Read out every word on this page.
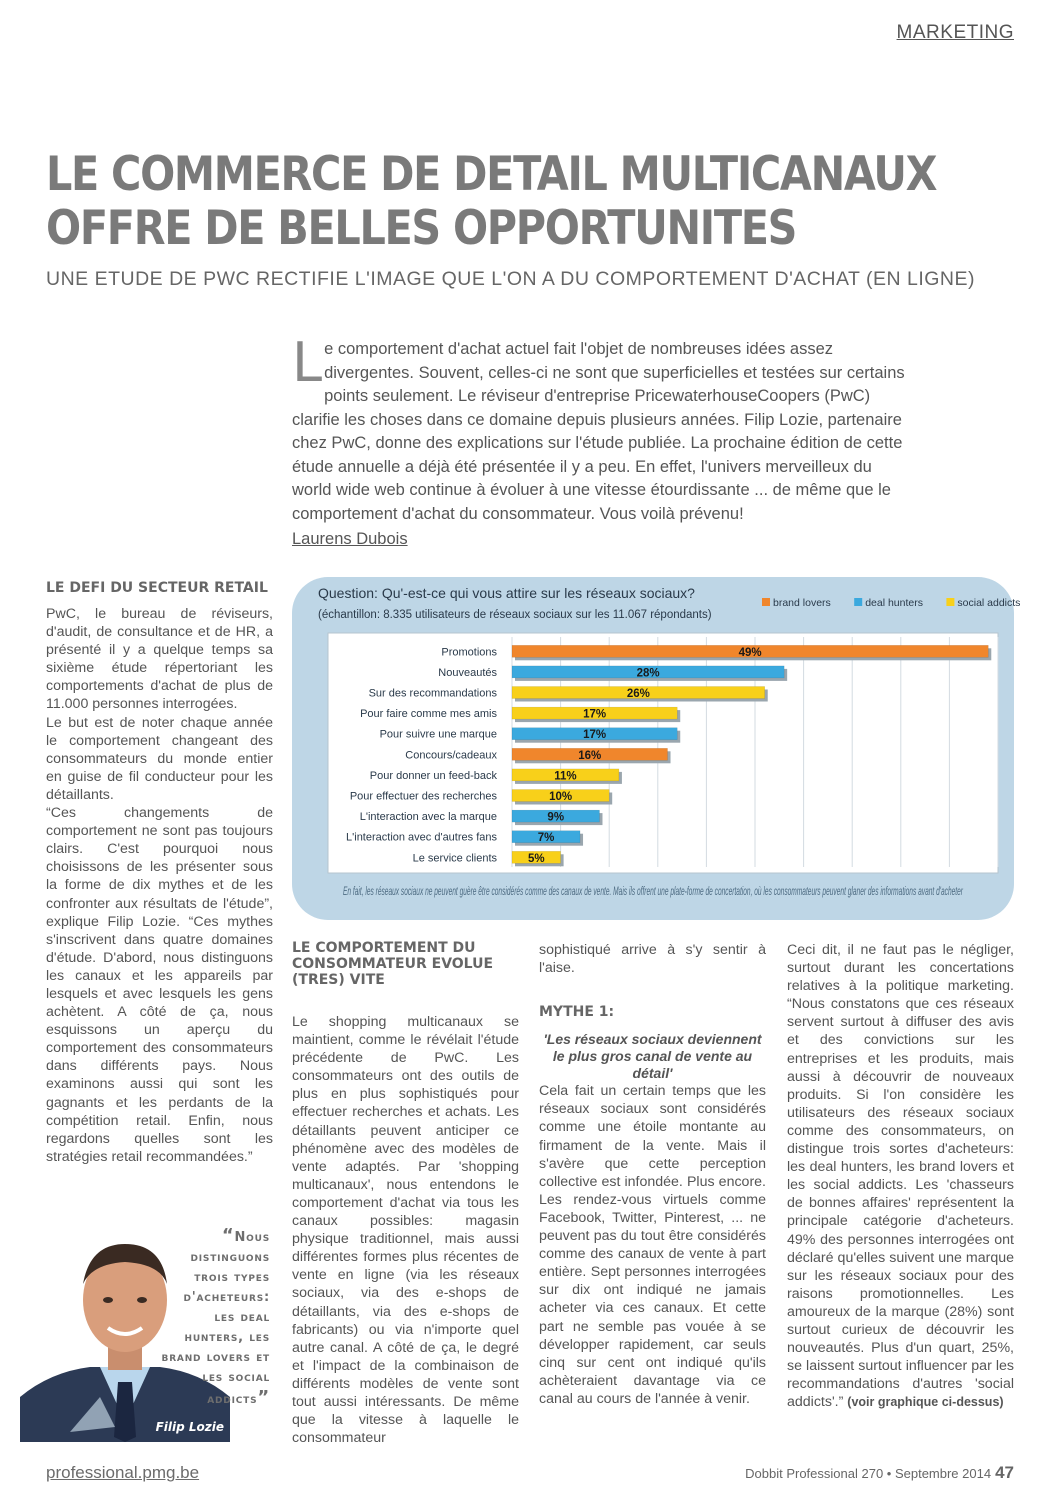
MARKETING
LE COMMERCE DE DETAIL MULTICANAUX
OFFRE DE BELLES OPPORTUNITES
UNE ETUDE DE PWC RECTIFIE L'IMAGE QUE L'ON A DU COMPORTEMENT D'ACHAT (EN LIGNE)
Le comportement d'achat actuel fait l'objet de nombreuses idées assez divergentes. Souvent, celles-ci ne sont que superficielles et testées sur certains points seulement. Le réviseur d'entreprise PricewaterhouseCoopers (PwC) clarifie les choses dans ce domaine depuis plusieurs années. Filip Lozie, partenaire chez PwC, donne des explications sur l'étude publiée. La prochaine édition de cette étude annuelle a déjà été présentée il y a peu. En effet, l'univers merveilleux du world wide web continue à évoluer à une vitesse étourdissante ... de même que le comportement d'achat du consommateur. Vous voilà prévenu!
Laurens Dubois
LE DEFI DU SECTEUR RETAIL

PwC, le bureau de réviseurs, d'audit, de consultance et de HR, a présenté il y a quelque temps sa sixième étude répertoriant les comportements d'achat de plus de 11.000 personnes interrogées.

Le but est de noter chaque année le comportement changeant des consommateurs du monde entier en guise de fil conducteur pour les détaillants.

“Ces changements de comportement ne sont pas toujours clairs. C'est pourquoi nous choisissons de les présenter sous la forme de dix mythes et de les confronter aux résultats de l'étude”, explique Filip Lozie. “Ces mythes s'inscrivent dans quatre domaines d'étude. D'abord, nous distinguons les canaux et les appareils par lesquels et avec lesquels les gens achètent. A côté de ça, nous esquissons un aperçu du comportement des consommateurs dans différents pays. Nous examinons aussi qui sont les gagnants et les perdants de la compétition retail. Enfin, nous regardons quelles sont les stratégies retail recommandées.”

Filip Lozie
“Nous distinguons trois types d'acheteurs: les deal hunters, les brand lovers et les social addicts”
Question: Qu'-est-ce qui vous attire sur les réseaux sociaux?
(échantillon: 8.335 utilisateurs de réseaux sociaux sur les 11.067 répondants)
brand lovers	deal hunters	social addicts
Promotions	49%
Nouveautés	28%
Sur des recommandations	26%
Pour faire comme mes amis	17%
Pour suivre une marque	17%
Concours/cadeaux	16%
Pour donner un feed-back	11%
Pour effectuer des recherches	10%
L'interaction avec la marque	9%
L'interaction avec d'autres fans	7%
Le service clients	5%
En fait, les réseaux sociaux ne peuvent guère être considérés comme des canaux de vente. Mais ils offrent une plate-forme de concertation, où les consommateurs peuvent glaner des informations avant d'acheter
LE COMPORTEMENT DU CONSOMMATEUR EVOLUE (TRES) VITE

Le shopping multicanaux se maintient, comme le révélait l'étude précédente de PwC. Les consommateurs ont des outils de plus en plus sophistiqués pour effectuer recherches et achats. Les détaillants peuvent anticiper ce phénomène avec des modèles de vente adaptés. Par 'shopping multicanaux', nous entendons le comportement d'achat via tous les canaux possibles: magasin physique traditionnel, mais aussi différentes formes plus récentes de vente en ligne (via les réseaux sociaux, via des e-shops de détaillants, via des e-shops de fabricants) ou via n'importe quel autre canal. A côté de ça, le degré et l'impact de la combinaison de différents modèles de vente sont tout aussi intéressants. De même que la vitesse à laquelle le consommateur

sophistiqué arrive à s'y sentir à l'aise.

MYTHE 1:
'Les réseaux sociaux deviennent le plus gros canal de vente au détail'

Cela fait un certain temps que les réseaux sociaux sont considérés comme une étoile montante au firmament de la vente. Mais il s'avère que cette perception collective est infondée. Plus encore. Les rendez-vous virtuels comme Facebook, Twitter, Pinterest, ... ne peuvent pas du tout être considérés comme des canaux de vente à part entière. Sept personnes interrogées sur dix ont indiqué ne jamais acheter via ces canaux. Et cette part ne semble pas vouée à se développer rapidement, car seuls cinq sur cent ont indiqué qu'ils achèteraient davantage via ce canal au cours de l'année à venir.

Ceci dit, il ne faut pas le négliger, surtout durant les concertations relatives à la politique marketing. “Nous constatons que ces réseaux servent surtout à diffuser des avis et des convictions sur les entreprises et les produits, mais aussi à découvrir de nouveaux produits. Si l'on considère les utilisateurs des réseaux sociaux comme des consommateurs, on distingue trois sortes d'acheteurs: les deal hunters, les brand lovers et les social addicts. Les 'chasseurs de bonnes affaires' représentent la principale catégorie d'acheteurs. 49% des personnes interrogées ont déclaré qu'elles suivent une marque sur les réseaux sociaux pour des raisons promotionnelles. Les amoureux de la marque (28%) sont surtout curieux de découvrir les nouveautés. Plus d'un quart, 25%, se laissent surtout influencer par les recommandations d'autres 'social addicts'.” (voir graphique ci-dessus)

professional.pmg.be	Dobbit Professional 270 • Septembre 2014 47
